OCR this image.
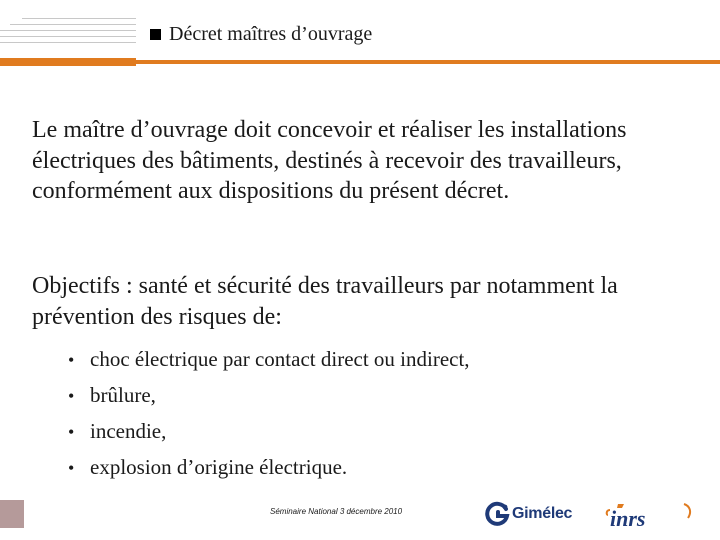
Décret maîtres d’ouvrage

Le maître d’ouvrage doit concevoir et réaliser les installations électriques des bâtiments, destinés à recevoir des travailleurs, conformément aux dispositions du présent décret.

Objectifs : santé et sécurité des travailleurs par notamment la prévention des risques de:

• choc électrique par contact direct ou indirect,
• brûlure,
• incendie,
• explosion d’origine électrique.
Séminaire National 3 décembre 2010	Gimélec inrs
